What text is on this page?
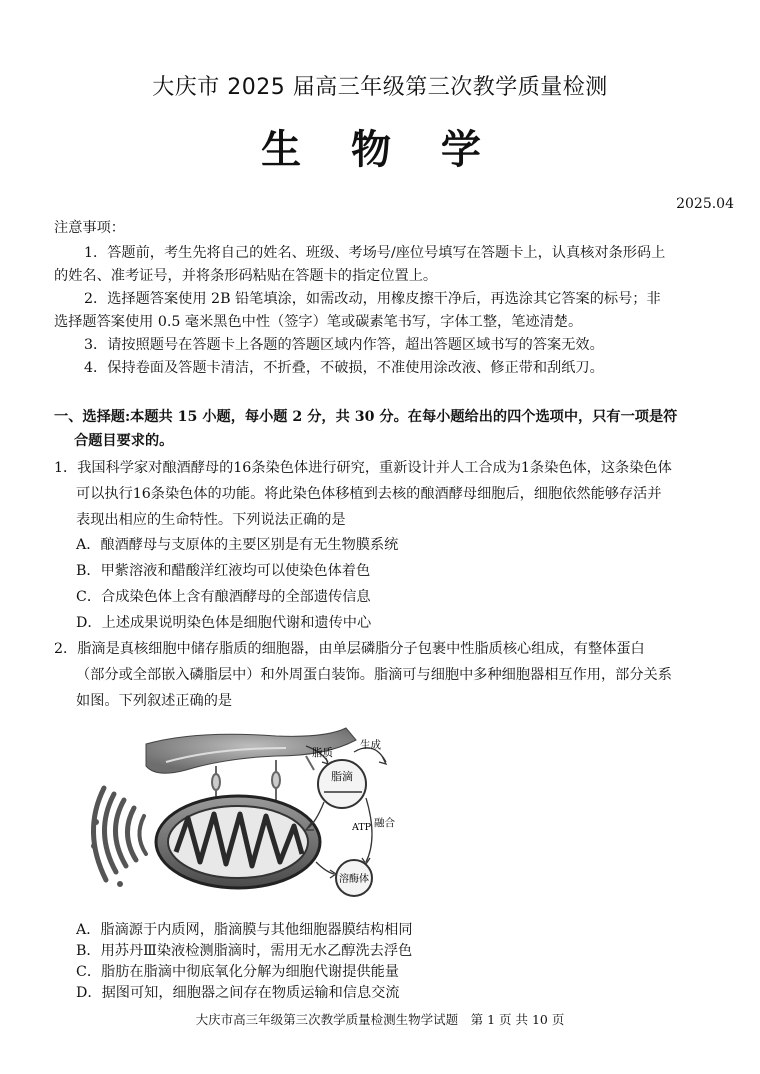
大庆市 2025 届高三年级第三次教学质量检测
生 物 学
2025.04
注意事项：
1．答题前，考生先将自己的姓名、班级、考场号/座位号填写在答题卡上，认真核对条形码上
的姓名、准考证号，并将条形码粘贴在答题卡的指定位置上。
2．选择题答案使用 2B 铅笔填涂，如需改动，用橡皮擦干净后，再选涂其它答案的标号；非
选择题答案使用 0.5 毫米黑色中性（签字）笔或碳素笔书写，字体工整，笔迹清楚。
3．请按照题号在答题卡上各题的答题区域内作答，超出答题区域书写的答案无效。
4．保持卷面及答题卡清洁，不折叠，不破损，不准使用涂改液、修正带和刮纸刀。
一、选择题:本题共 15 小题，每小题 2 分，共 30 分。在每小题给出的四个选项中，只有一项是符
合题目要求的。
1．我国科学家对酿酒酵母的16条染色体进行研究，重新设计并人工合成为1条染色体，这条染色体
可以执行16条染色体的功能。将此染色体移植到去核的酿酒酵母细胞后，细胞依然能够存活并
表现出相应的生命特性。下列说法正确的是
A．酿酒酵母与支原体的主要区别是有无生物膜系统
B．甲紫溶液和醋酸洋红液均可以使染色体着色
C．合成染色体上含有酿酒酵母的全部遗传信息
D．上述成果说明染色体是细胞代谢和遗传中心
2．脂滴是真核细胞中储存脂质的细胞器，由单层磷脂分子包裹中性脂质核心组成，有整体蛋白
（部分或全部嵌入磷脂层中）和外周蛋白装饰。脂滴可与细胞中多种细胞器相互作用，部分关系
如图。下列叙述正确的是
脂滴
溶酶体
脂质
生成
ATP 融合
A．脂滴源于内质网，脂滴膜与其他细胞器膜结构相同
B．用苏丹Ⅲ染液检测脂滴时，需用无水乙醇洗去浮色
C．脂肪在脂滴中彻底氧化分解为细胞代谢提供能量
D．据图可知，细胞器之间存在物质运输和信息交流
大庆市高三年级第三次教学质量检测生物学试题　第 1 页 共 10 页
